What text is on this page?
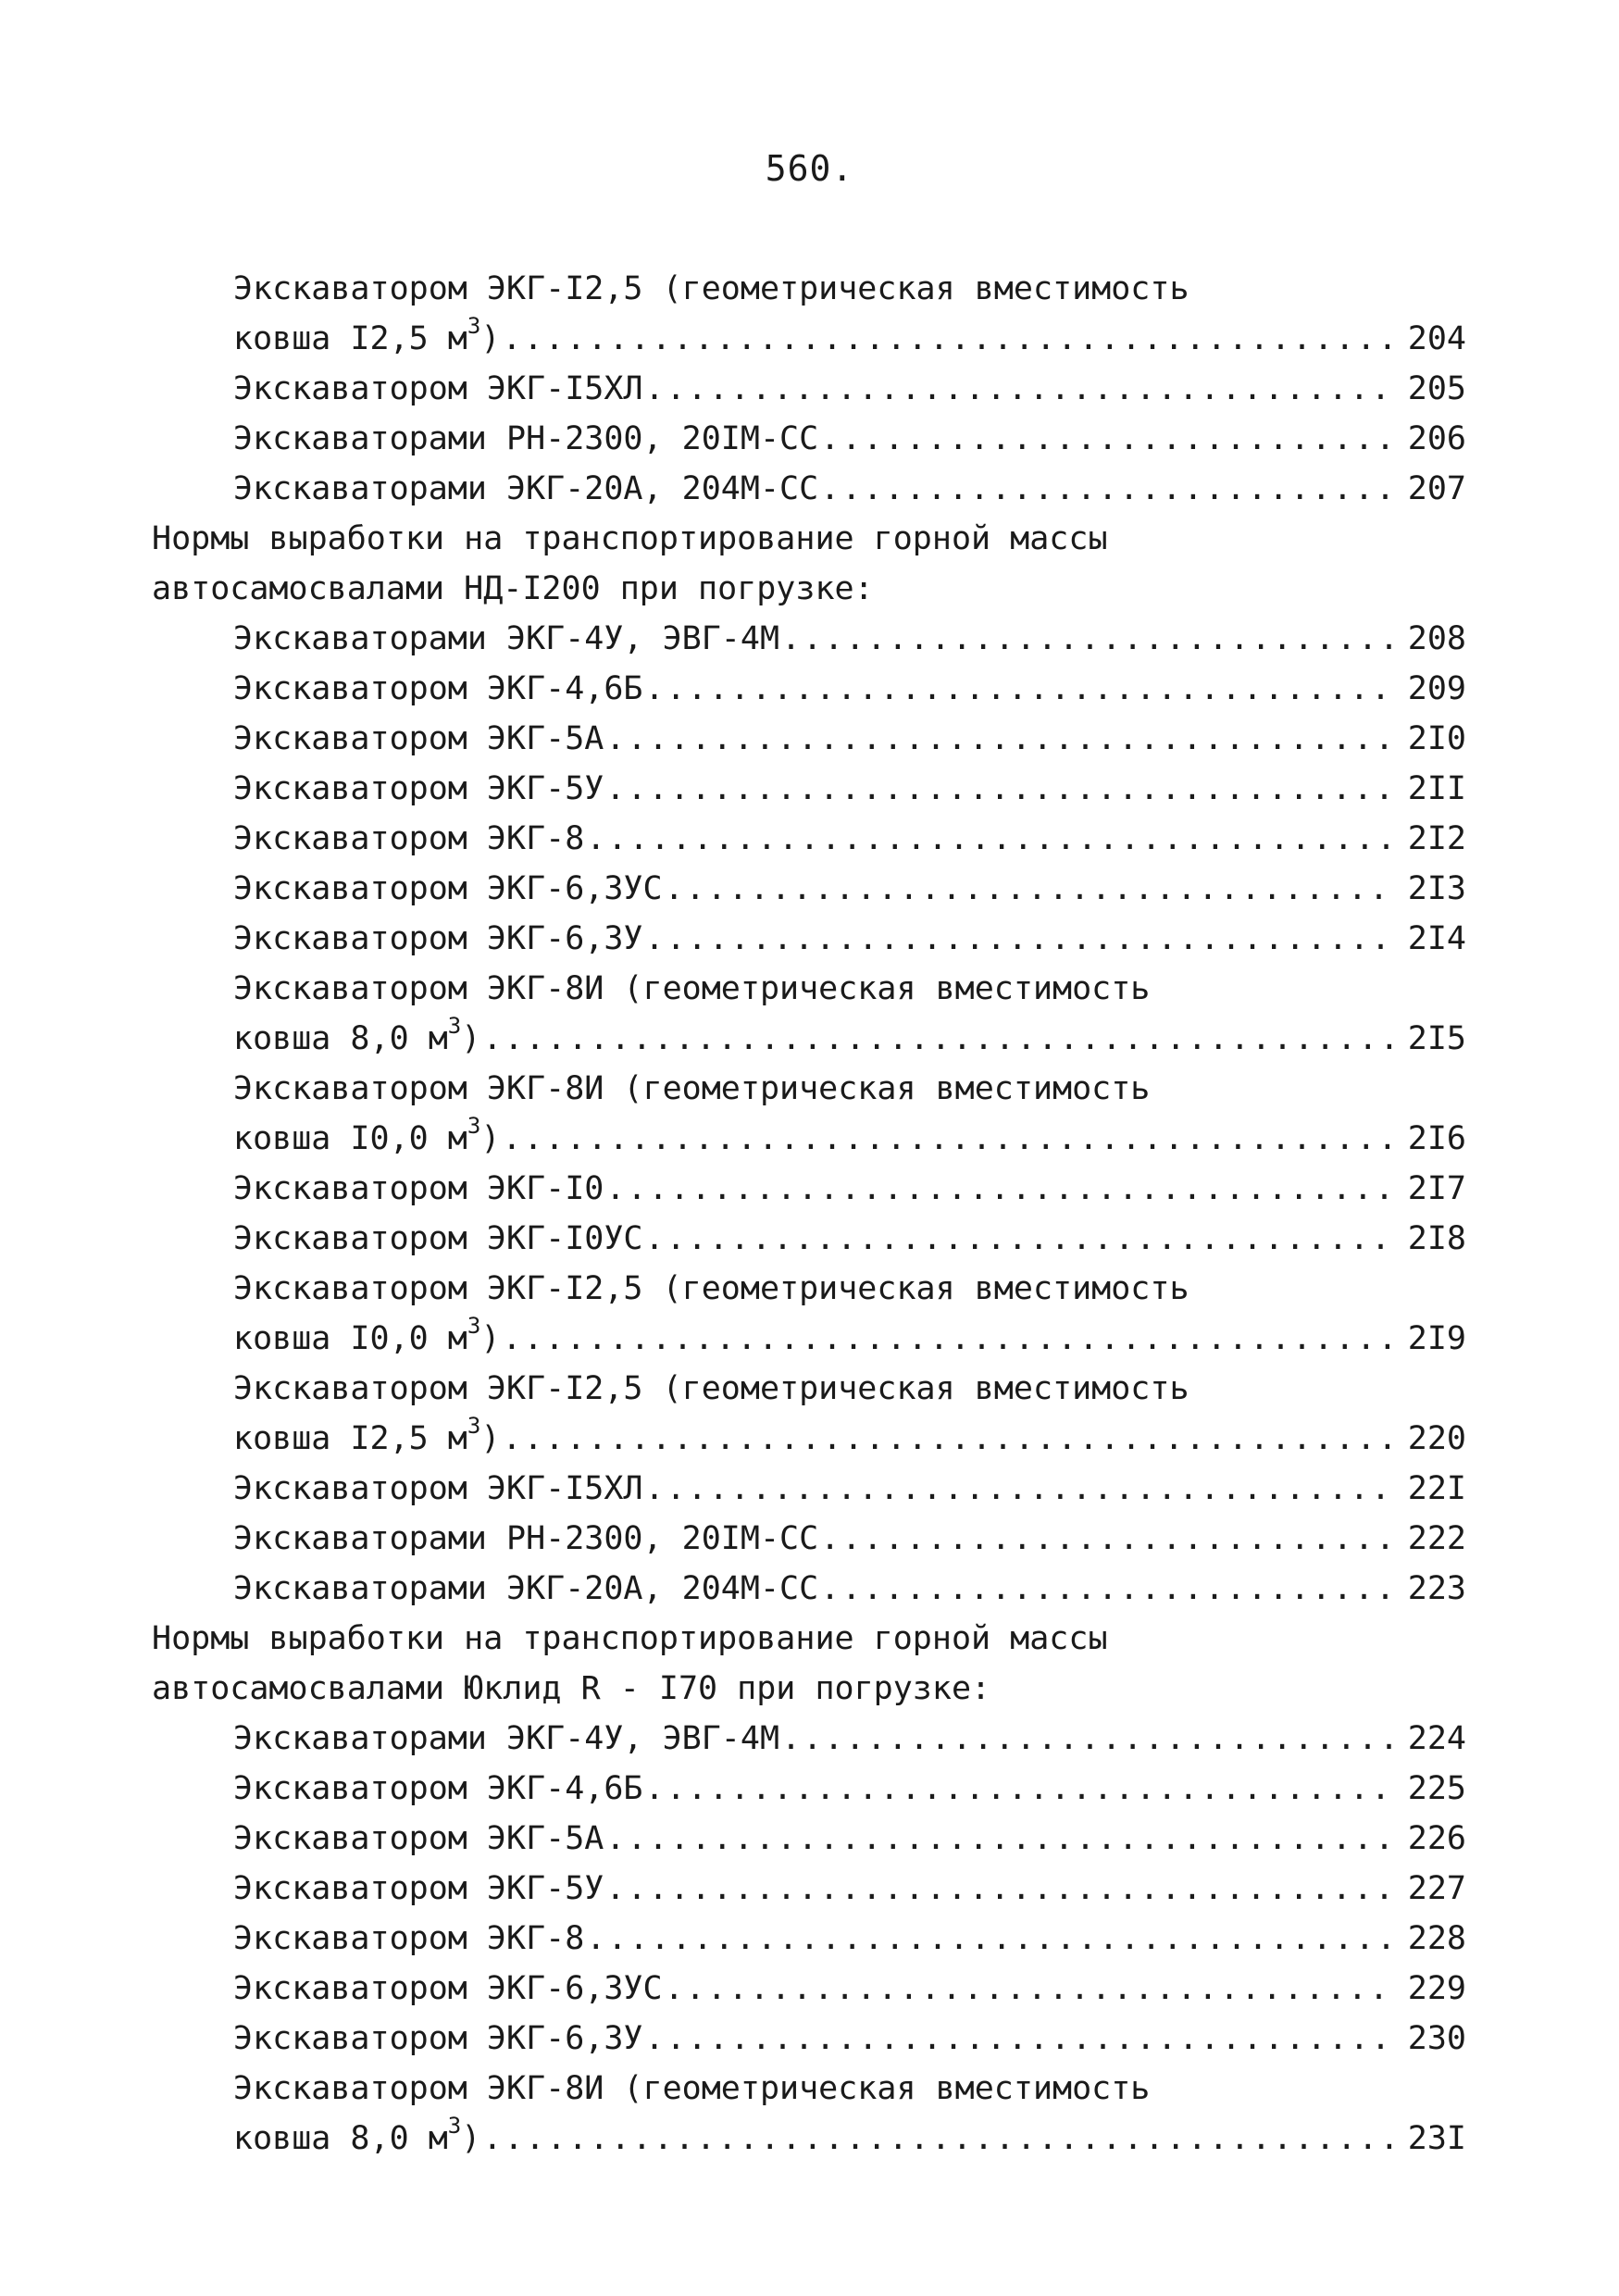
560.
Экскаватором ЭКГ-I2,5 (геометрическая вместимость
ковша I2,5 $м^3$) .....	204
Экскаватором ЭКГ-I5ХЛ .....	205
Экскаваторами РН-2300, 20IМ-СС .....	206
Экскаваторами ЭКГ-20А, 204М-СС .....	207
Нормы выработки на транспортирование горной массы
автосамосвалами НД-I200 при погрузке:
Экскаваторами ЭКГ-4У, ЭВГ-4М .....	208
Экскаватором ЭКГ-4,6Б .....	209
Экскаватором ЭКГ-5А .....	2I0
Экскаватором ЭКГ-5У .....	2II
Экскаватором ЭКГ-8 .....	2I2
Экскаватором ЭКГ-6,3УС .....	2I3
Экскаватором ЭКГ-6,3У .....	2I4
Экскаватором ЭКГ-8И (геометрическая вместимость
ковша 8,0 $м^3$) .....	2I5
Экскаватором ЭКГ-8И (геометрическая вместимость
ковша I0,0 $м^3$) .....	2I6
Экскаватором ЭКГ-I0 .....	2I7
Экскаватором ЭКГ-I0УС .....	2I8
Экскаватором ЭКГ-I2,5 (геометрическая вместимость
ковша I0,0 $м^3$) .....	2I9
Экскаватором ЭКГ-I2,5 (геометрическая вместимость
ковша I2,5 $м^3$) .....	220
Экскаватором ЭКГ-I5ХЛ .....	22I
Экскаваторами РН-2300, 20IМ-СС .....	222
Экскаваторами ЭКГ-20А, 204М-СС .....	223
Нормы выработки на транспортирование горной массы
автосамосвалами Юклид R - I70 при погрузке:
Экскаваторами ЭКГ-4У, ЭВГ-4М .....	224
Экскаватором ЭКГ-4,6Б .....	225
Экскаватором ЭКГ-5А .....	226
Экскаватором ЭКГ-5У .....	227
Экскаватором ЭКГ-8 .....	228
Экскаватором ЭКГ-6,3УС .....	229
Экскаватором ЭКГ-6,3У .....	230
Экскаватором ЭКГ-8И (геометрическая вместимость
ковша 8,0 $м^3$) .....	23I
